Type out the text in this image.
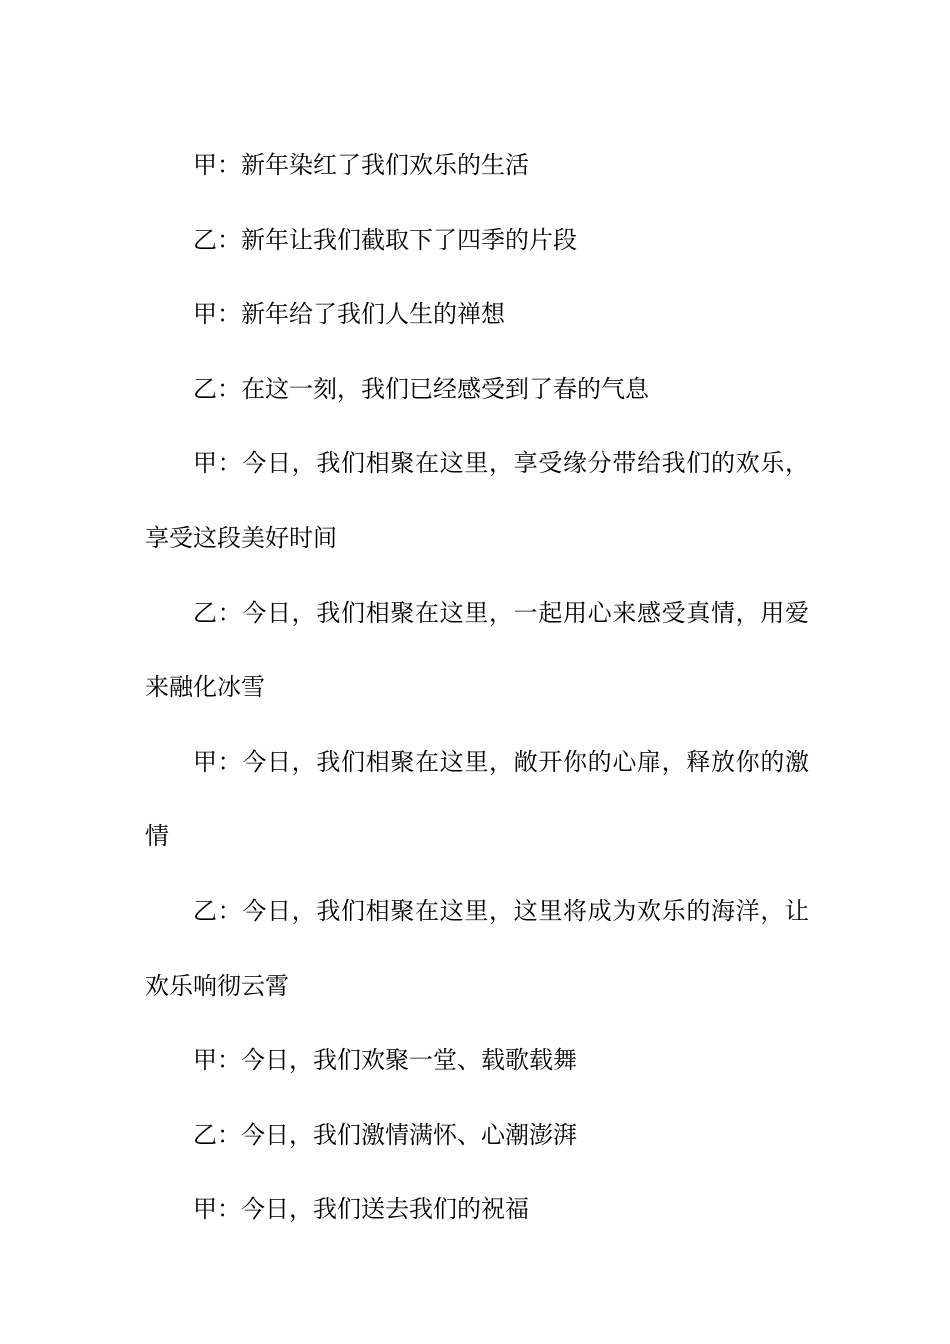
甲：新年染红了我们欢乐的生活

乙：新年让我们截取下了四季的片段

甲：新年给了我们人生的禅想

乙：在这一刻，我们已经感受到了春的气息

甲：今日，我们相聚在这里，享受缘分带给我们的欢乐，享受这段美好时间

乙：今日，我们相聚在这里，一起用心来感受真情，用爱来融化冰雪

甲：今日，我们相聚在这里，敞开你的心扉，释放你的激情

乙：今日，我们相聚在这里，这里将成为欢乐的海洋，让欢乐响彻云霄

甲：今日，我们欢聚一堂、载歌载舞

乙：今日，我们激情满怀、心潮澎湃

甲：今日，我们送去我们的祝福
